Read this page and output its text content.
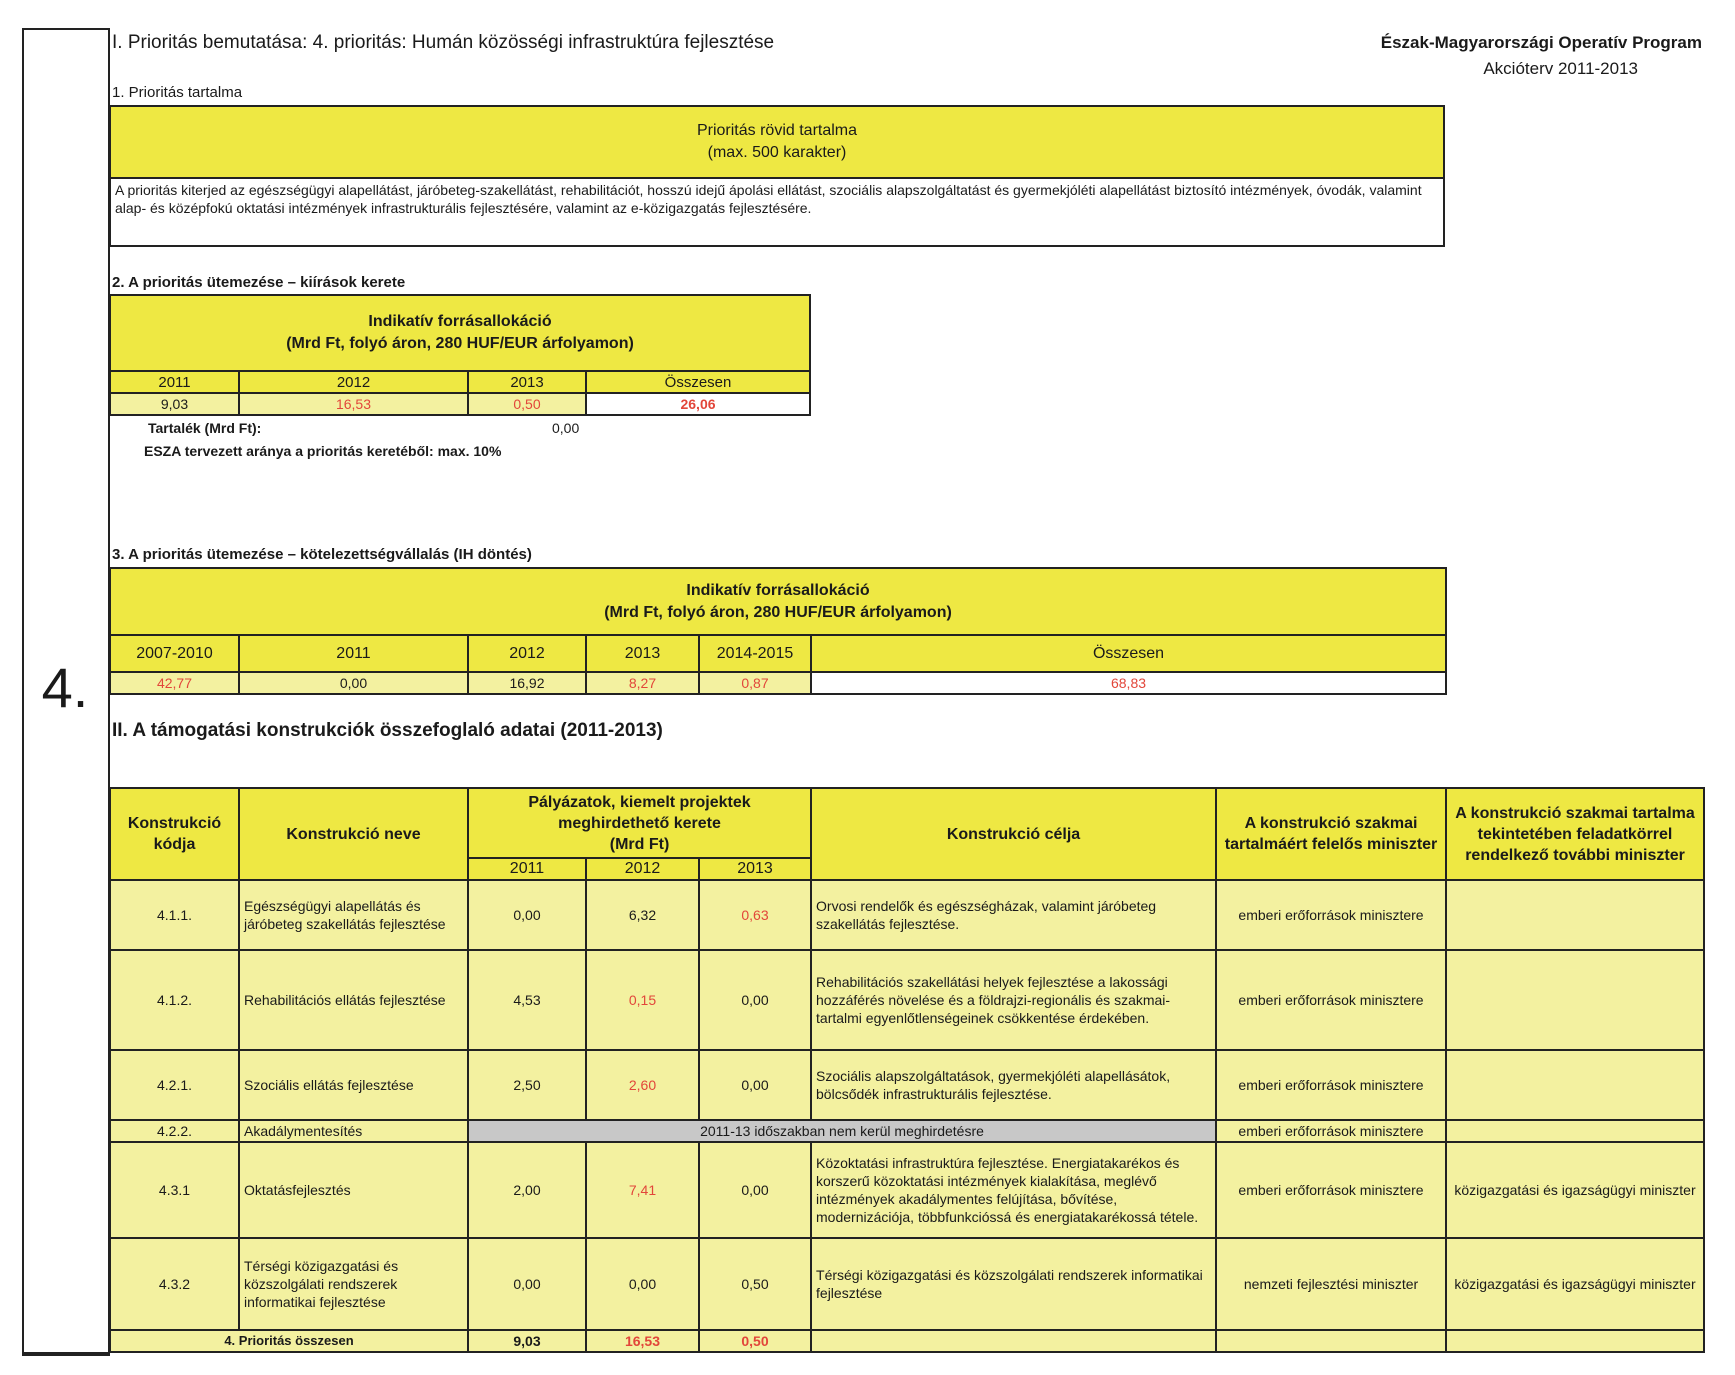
4.
I. Prioritás bemutatása: 4. prioritás: Humán közösségi infrastruktúra fejlesztése	Észak-Magyarországi Operatív Program
Akcióterv 2011-2013
1. Prioritás tartalma
Prioritás rövid tartalma
(max. 500 karakter)

A prioritás kiterjed az egészségügyi alapellátást, járóbeteg-szakellátást, rehabilitációt, hosszú idejű ápolási ellátást, szociális alapszolgáltatást és gyermekjóléti alapellátást biztosító intézmények, óvodák, valamint alap- és középfokú oktatási intézmények infrastrukturális fejlesztésére, valamint az e-közigazgatás fejlesztésére.
2. A prioritás ütemezése – kiírások kerete
Indikatív forrásallokáció
(Mrd Ft, folyó áron, 280 HUF/EUR árfolyamon)			

2011	2012	2013	Összesen
9,03	16,53	0,50	26,06
Tartalék (Mrd Ft):	0,00
ESZA tervezett aránya a prioritás keretéből: max. 10%
3. A prioritás ütemezése – kötelezettségvállalás (IH döntés)
Indikatív forrásallokáció
(Mrd Ft, folyó áron, 280 HUF/EUR árfolyamon)					

2007-2010	2011	2012	2013	2014-2015	Összesen
42,77	0,00	16,92	8,27	0,87	68,83
II. A támogatási konstrukciók összefoglaló adatai (2011-2013)
Konstrukció kódja	Konstrukció neve	Pályázatok, kiemelt projektek
meghirdethető kerete
(Mrd Ft)			Konstrukció célja	A konstrukció szakmai tartalmáért felelős miniszter	A konstrukció szakmai tartalma tekintetében feladatkörrel rendelkező további miniszter
		2011	2012	2013			
4.1.1.	Egészségügyi alapellátás és járóbeteg szakellátás fejlesztése	0,00	6,32	0,63	Orvosi rendelők és egészségházak, valamint járóbeteg szakellátás fejlesztése.	emberi erőforrások minisztere	
4.1.2.	Rehabilitációs ellátás fejlesztése	4,53	0,15	0,00	Rehabilitációs szakellátási helyek fejlesztése a lakossági hozzáférés növelése és a földrajzi-regionális és szakmai-tartalmi egyenlőtlenségeinek csökkentése érdekében.	emberi erőforrások minisztere	
4.2.1.	Szociális ellátás fejlesztése	2,50	2,60	0,00	Szociális alapszolgáltatások, gyermekjóléti alapellásátok, bölcsődék infrastrukturális fejlesztése.	emberi erőforrások minisztere	
4.2.2.	Akadálymentesítés	2011-13 időszakban nem kerül meghirdetésre				emberi erőforrások minisztere	
4.3.1	Oktatásfejlesztés	2,00	7,41	0,00	Közoktatási infrastruktúra fejlesztése. Energiatakarékos és korszerű közoktatási intézmények kialakítása, meglévő intézmények akadálymentes felújítása, bővítése, modernizációja, többfunkcióssá és energiatakarékossá tétele.	emberi erőforrások minisztere	közigazgatási és igazságügyi miniszter
4.3.2	Térségi közigazgatási és közszolgálati rendszerek informatikai fejlesztése	0,00	0,00	0,50	Térségi közigazgatási és közszolgálati rendszerek informatikai fejlesztése	nemzeti fejlesztési miniszter	közigazgatási és igazságügyi miniszter
4. Prioritás összesen		9,03	16,53	0,50			
